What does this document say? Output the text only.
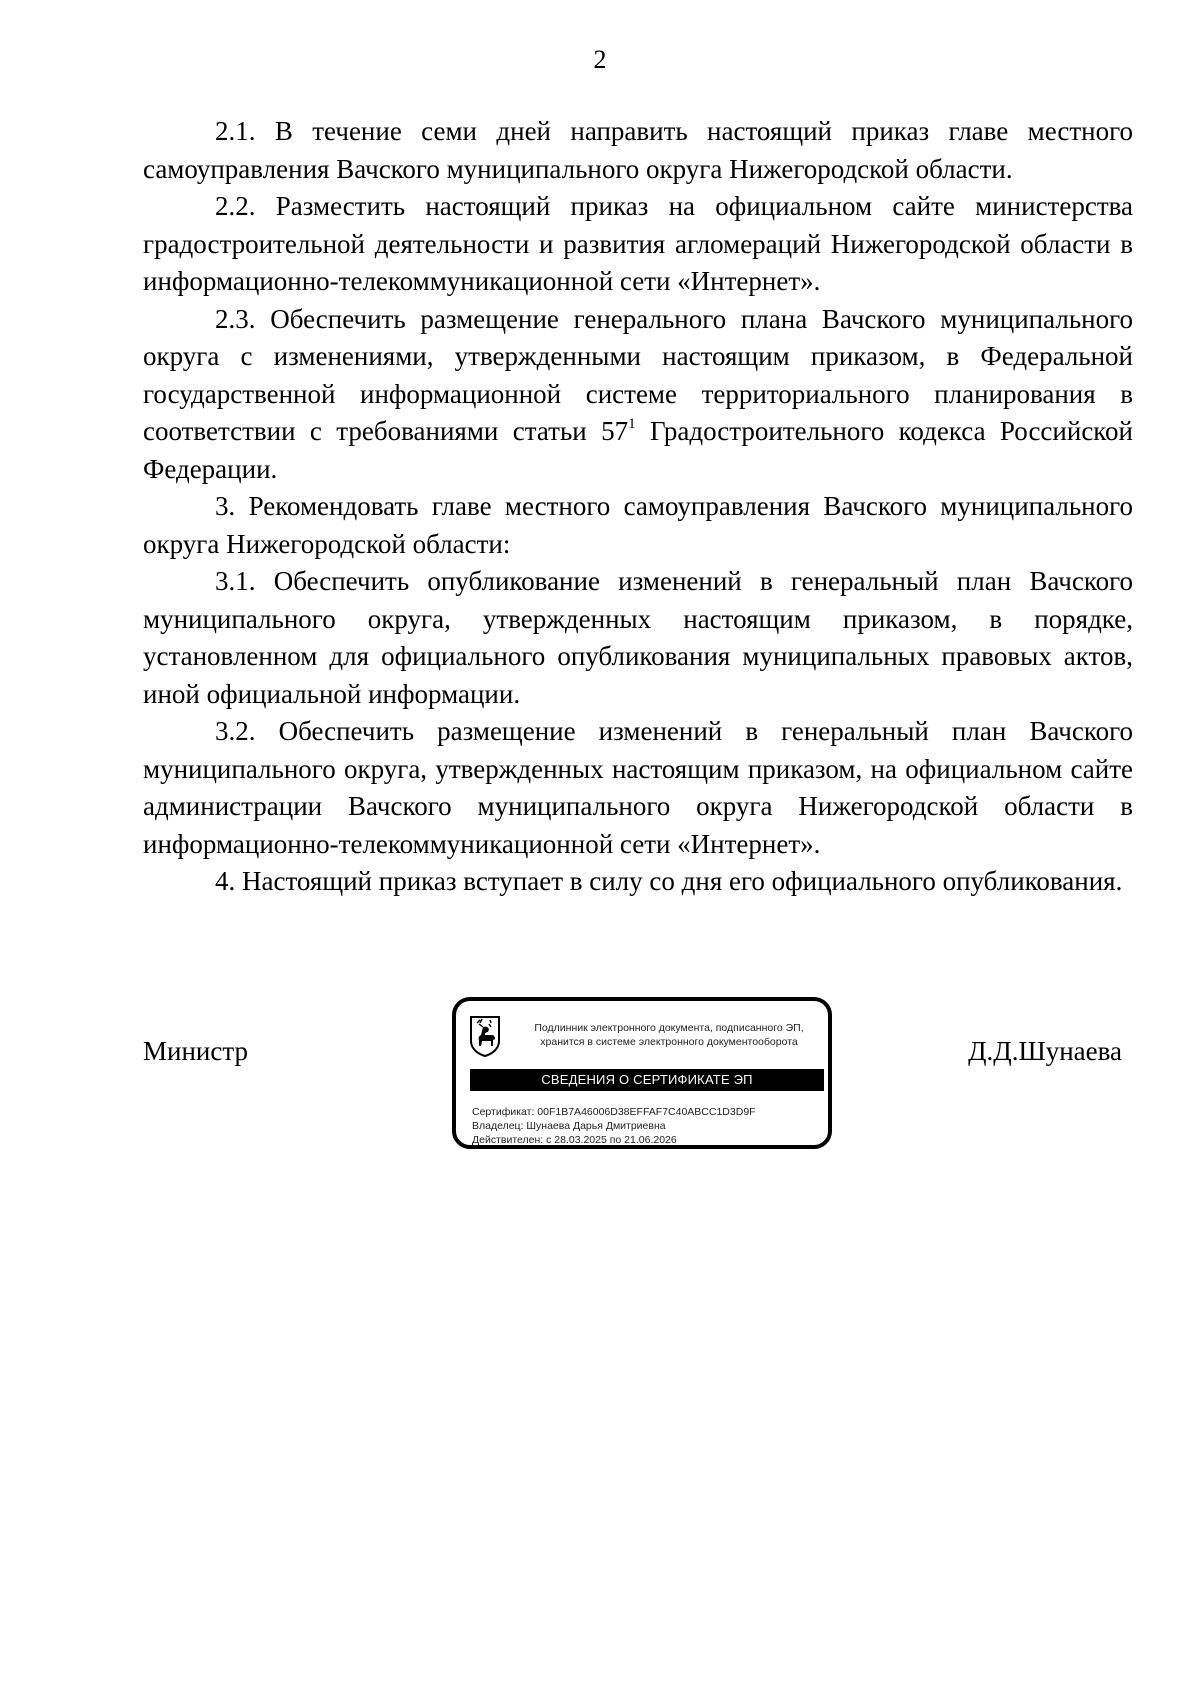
2

2.1. В течение семи дней направить настоящий приказ главе местного самоуправления Вачского муниципального округа Нижегородской области.

2.2. Разместить настоящий приказ на официальном сайте министерства градостроительной деятельности и развития агломераций Нижегородской области в информационно-телекоммуникационной сети «Интернет».

2.3. Обеспечить размещение генерального плана Вачского муниципального округа с изменениями, утвержденными настоящим приказом, в Федеральной государственной информационной системе территориального планирования в соответствии с требованиями статьи $57^1$ Градостроительного кодекса Российской Федерации.

3. Рекомендовать главе местного самоуправления Вачского муниципального округа Нижегородской области:

3.1. Обеспечить опубликование изменений в генеральный план Вачского муниципального округа, утвержденных настоящим приказом, в порядке, установленном для официального опубликования муниципальных правовых актов, иной официальной информации.

3.2. Обеспечить размещение изменений в генеральный план Вачского муниципального округа, утвержденных настоящим приказом, на официальном сайте администрации Вачского муниципального округа Нижегородской области в информационно-телекоммуникационной сети «Интернет».

4. Настоящий приказ вступает в силу со дня его официального опубликования.

Министр
Подлинник электронного документа, подписанного ЭП,
хранится в системе электронного документооборота
СВЕДЕНИЯ О СЕРТИФИКАТЕ ЭП
Сертификат: 00F1B7A46006D38EFFAF7C40ABCC1D3D9F
Владелец: Шунаева Дарья Дмитриевна
Действителен: с 28.03.2025 по 21.06.2026
Д.Д.Шунаева
